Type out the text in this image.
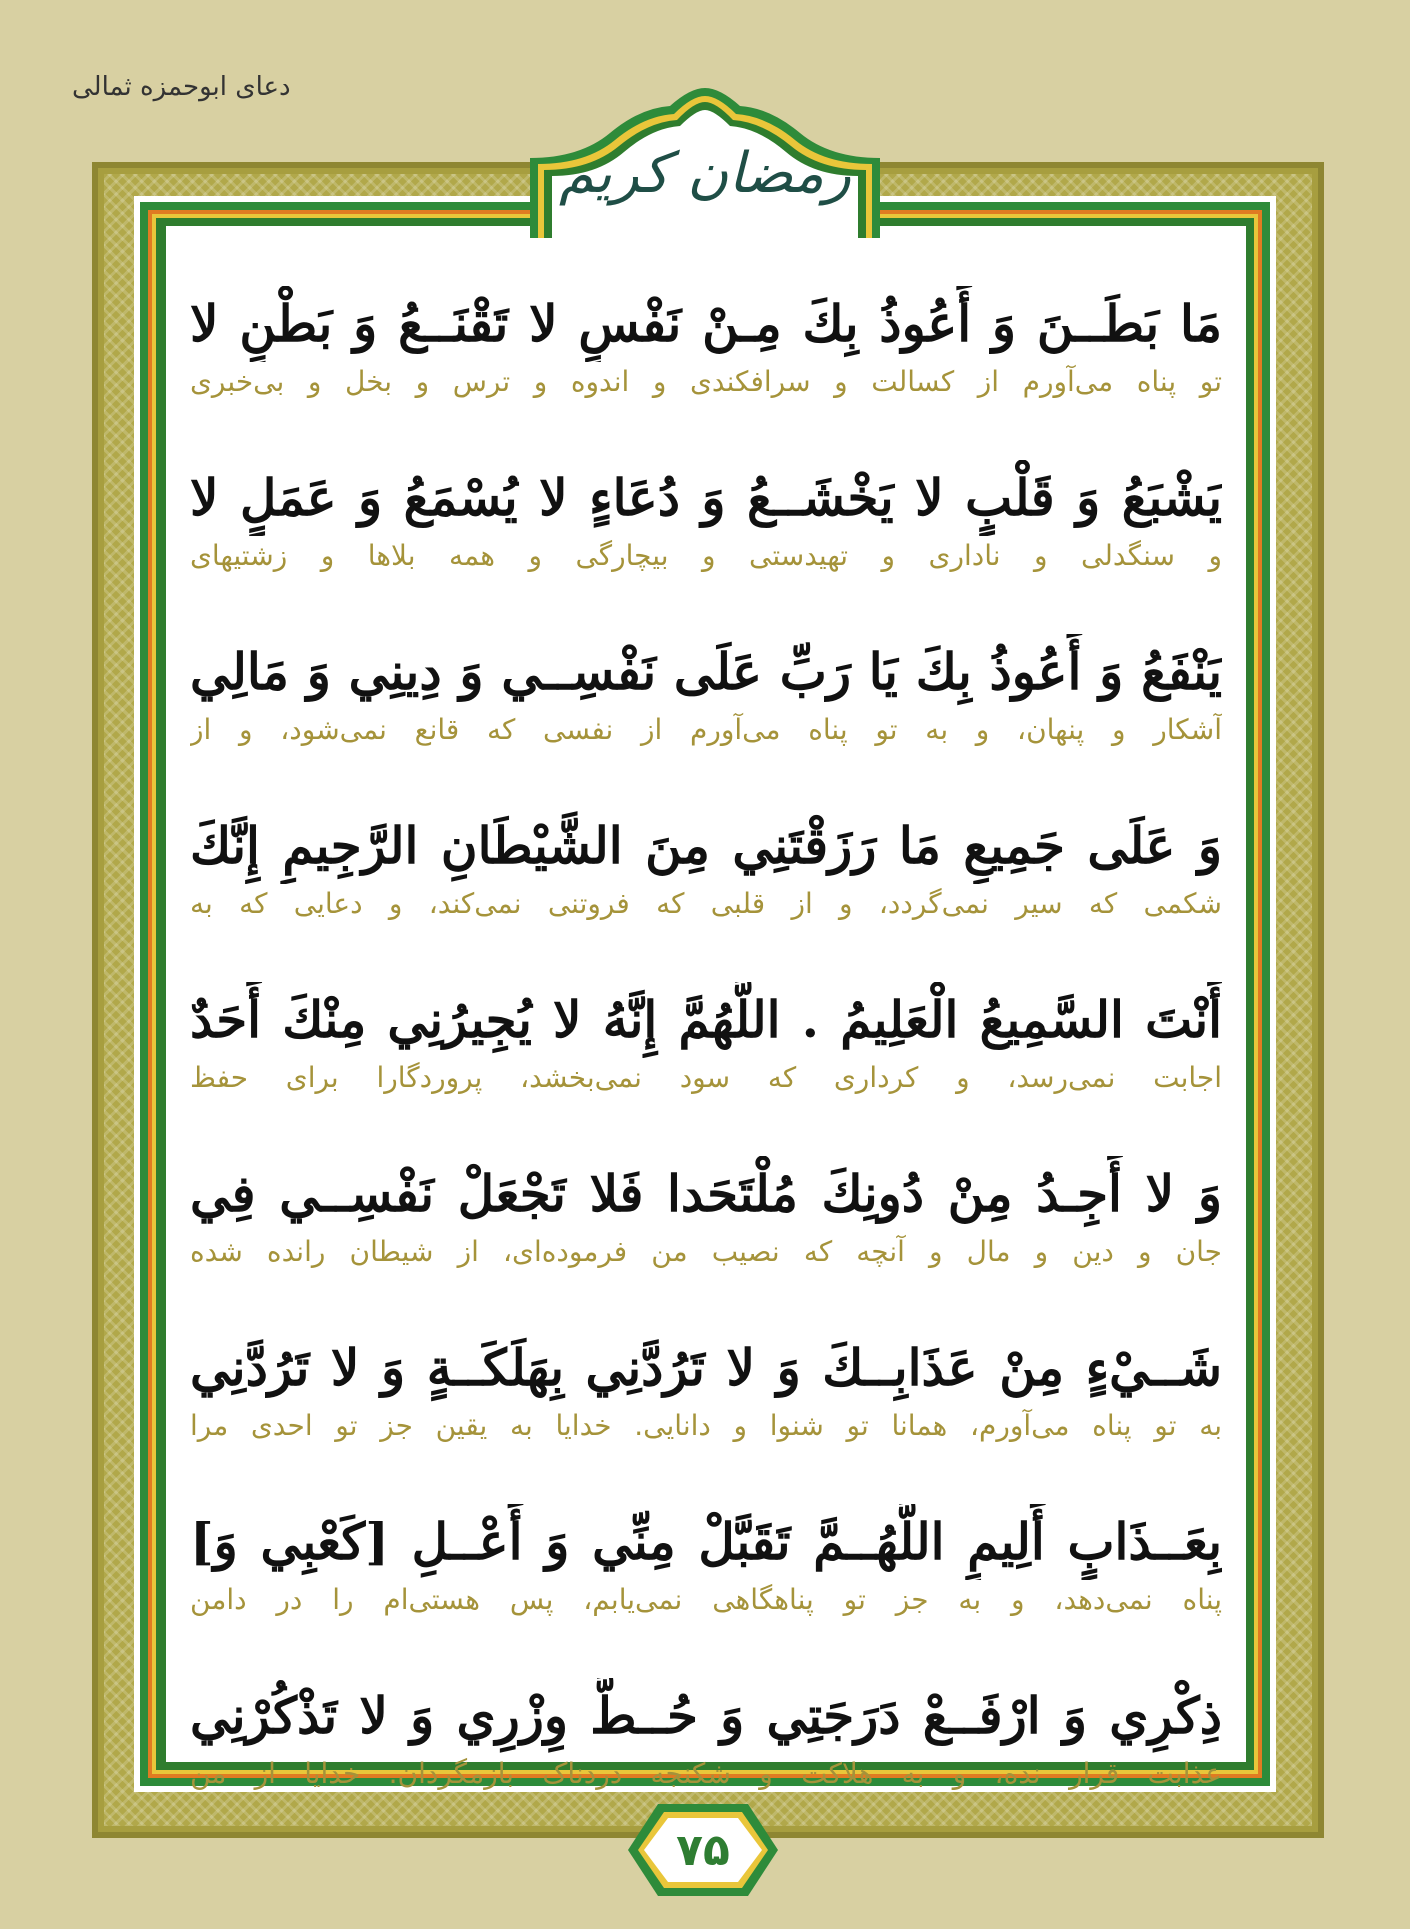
دعای ابوحمزه ثمالی
رمضان کریم
مَا بَطَــنَ وَ أَعُوذُ بِكَ مِـنْ نَفْسٍ لا تَقْنَــعُ وَ بَطْنٍ لا
تو پناه می‌آورم از کسالت و سرافکندی و اندوه و ترس و بخل و بی‌خبری
يَشْبَعُ وَ قَلْبٍ لا يَخْشَــعُ وَ دُعَاءٍ لا يُسْمَعُ وَ عَمَلٍ لا
و سنگدلی و ناداری و تهیدستی و بیچارگی و همه بلاها و زشتیهای
يَنْفَعُ وَ أَعُوذُ بِكَ يَا رَبِّ عَلَى نَفْسِــي وَ دِينِي وَ مَالِي
آشکار و پنهان، و به تو پناه می‌آورم از نفسی که قانع نمی‌شود، و از
وَ عَلَى جَمِيعِ مَا رَزَقْتَنِي مِنَ الشَّيْطَانِ الرَّجِيمِ إِنَّكَ
شکمی که سیر نمی‌گردد، و از قلبی که فروتنی نمی‌کند، و دعایی که به
أَنْتَ السَّمِيعُ الْعَلِيمُ . اللَّهُمَّ إِنَّهُ لا يُجِيرُنِي مِنْكَ أَحَدٌ
اجابت نمی‌رسد، و کرداری که سود نمی‌بخشد، پروردگارا برای حفظ
وَ لا أَجِـدُ مِنْ دُونِكَ مُلْتَحَدا فَلا تَجْعَلْ نَفْسِــي فِي
جان و دین و مال و آنچه که نصیب من فرموده‌ای، از شیطان رانده شده
شَــيْءٍ مِنْ عَذَابِــكَ وَ لا تَرُدَّنِي بِهَلَكَــةٍ وَ لا تَرُدَّنِي
به تو پناه می‌آورم، همانا تو شنوا و دانایی. خدایا به یقین جز تو احدی مرا
بِعَــذَابٍ أَلِيمٍ اللَّهُــمَّ تَقَبَّلْ مِنِّي وَ أَعْــلِ [كَعْبِي وَ]
پناه نمی‌دهد، و به جز تو پناهگاهی نمی‌یابم، پس هستی‌ام را در دامن
ذِكْرِي وَ ارْفَــعْ دَرَجَتِي وَ حُــطَّ وِزْرِي وَ لا تَذْكُرْنِي
عذابت قرار نده، و به هلاکت و شکنجه دردناک بازمگردان. خدایا از من
۷۵
